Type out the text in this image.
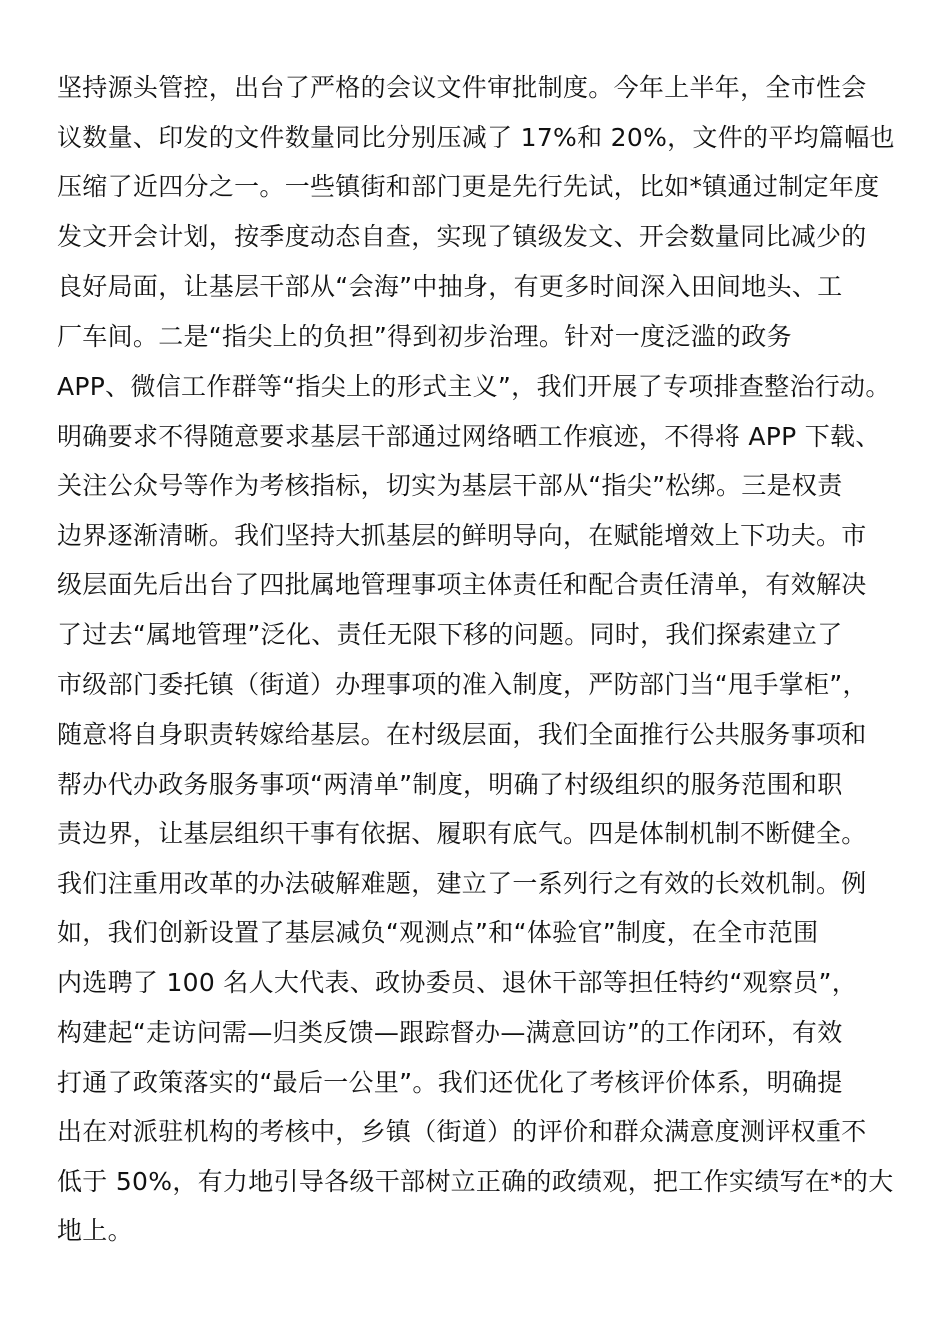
坚持源头管控，出台了严格的会议文件审批制度。今年上半年，全市性会
议数量、印发的文件数量同比分别压减了 17%和 20%，文件的平均篇幅也
压缩了近四分之一。一些镇街和部门更是先行先试，比如*镇通过制定年度
发文开会计划，按季度动态自查，实现了镇级发文、开会数量同比减少的
良好局面，让基层干部从“会海”中抽身，有更多时间深入田间地头、工
厂车间。二是“指尖上的负担”得到初步治理。针对一度泛滥的政务
APP、微信工作群等“指尖上的形式主义”，我们开展了专项排查整治行动。
明确要求不得随意要求基层干部通过网络晒工作痕迹，不得将 APP 下载、
关注公众号等作为考核指标，切实为基层干部从“指尖”松绑。三是权责
边界逐渐清晰。我们坚持大抓基层的鲜明导向，在赋能增效上下功夫。市
级层面先后出台了四批属地管理事项主体责任和配合责任清单，有效解决
了过去“属地管理”泛化、责任无限下移的问题。同时，我们探索建立了
市级部门委托镇（街道）办理事项的准入制度，严防部门当“甩手掌柜”，
随意将自身职责转嫁给基层。在村级层面，我们全面推行公共服务事项和
帮办代办政务服务事项“两清单”制度，明确了村级组织的服务范围和职
责边界，让基层组织干事有依据、履职有底气。四是体制机制不断健全。
我们注重用改革的办法破解难题，建立了一系列行之有效的长效机制。例
如，我们创新设置了基层减负“观测点”和“体验官”制度，在全市范围
内选聘了 100 名人大代表、政协委员、退休干部等担任特约“观察员”，
构建起“走访问需—归类反馈—跟踪督办—满意回访”的工作闭环，有效
打通了政策落实的“最后一公里”。我们还优化了考核评价体系，明确提
出在对派驻机构的考核中，乡镇（街道）的评价和群众满意度测评权重不
低于 50%，有力地引导各级干部树立正确的政绩观，把工作实绩写在*的大
地上。
